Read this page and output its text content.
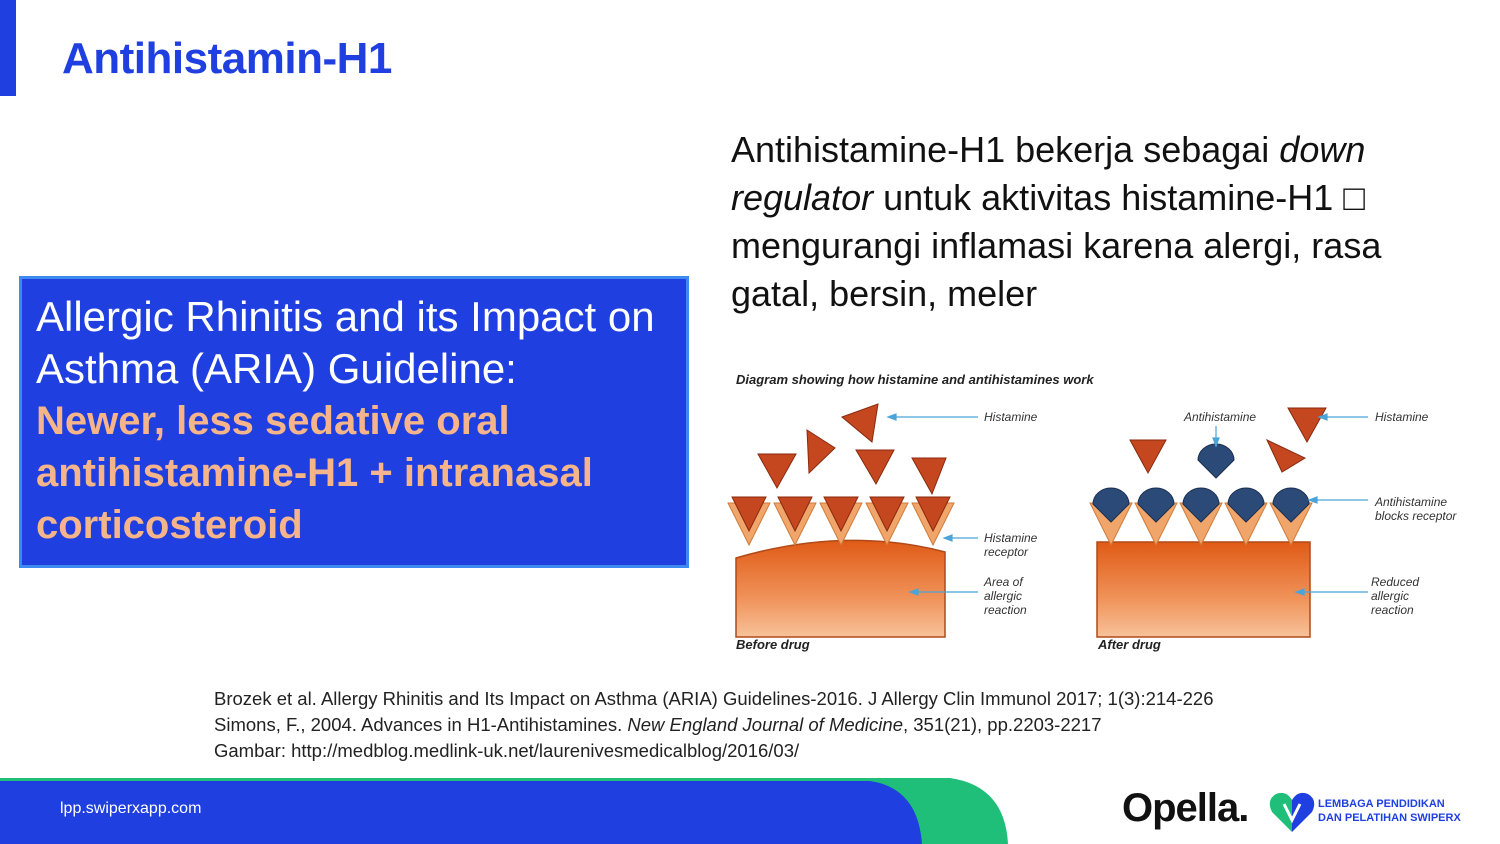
Antihistamin-H1
Antihistamine-H1 bekerja sebagai down regulator untuk aktivitas histamine-H1 □ mengurangi inflamasi karena alergi, rasa gatal, bersin, meler
Allergic Rhinitis and its Impact on Asthma (ARIA) Guideline:
Newer, less sedative oral antihistamine-H1 + intranasal corticosteroid
Diagram showing how histamine and antihistamines work
Histamine
Histamine
receptor
Area of
allergic
reaction
Before drug
Antihistamine	Histamine
Antihistamine
blocks receptor
Reduced
allergic
reaction
After drug
Brozek et al. Allergy Rhinitis and Its Impact on Asthma (ARIA) Guidelines-2016. J Allergy Clin Immunol 2017; 1(3):214-226
Simons, F., 2004. Advances in H1-Antihistamines. New England Journal of Medicine, 351(21), pp.2203-2217
Gambar: http://medblog.medlink-uk.net/laurenivesmedicalblog/2016/03/
lpp.swiperxapp.com	Opella.	LEMBAGA PENDIDIKAN
DAN PELATIHAN SWIPERX
